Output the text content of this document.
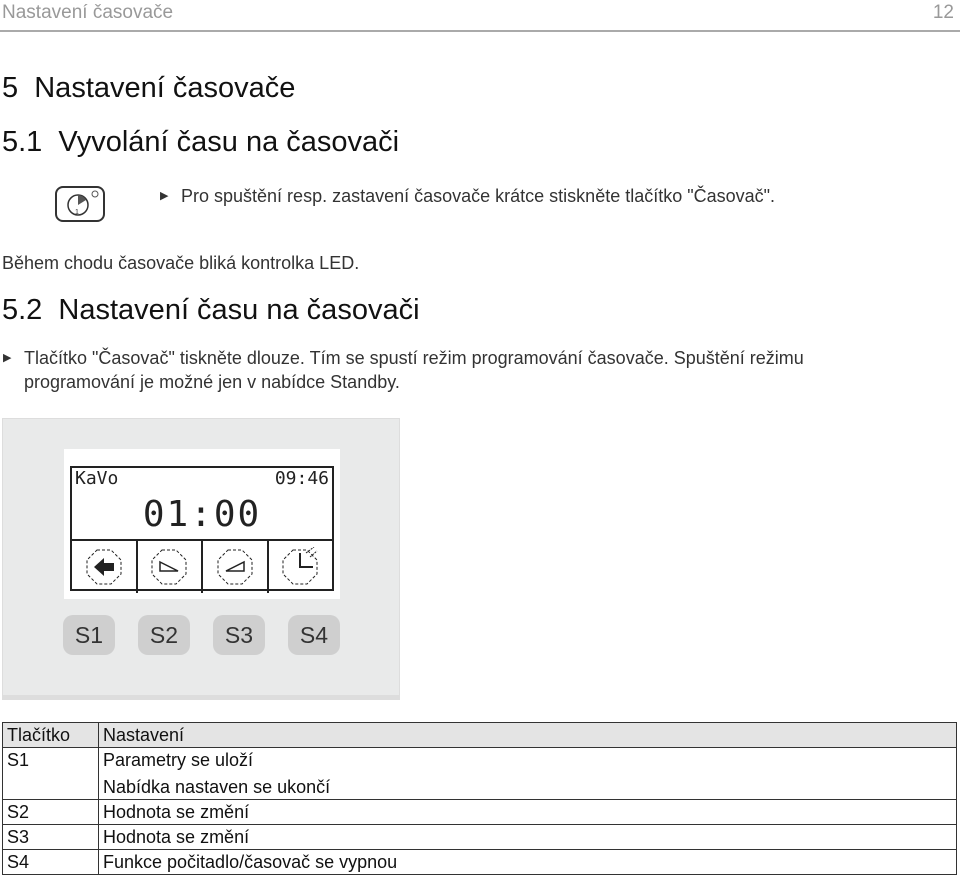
Nastavení časovače	12
5  Nastavení časovače
5.1  Vyvolání času na časovači
1
▶ Pro spuštění resp. zastavení časovače krátce stiskněte tlačítko "Časovač".
Během chodu časovače bliká kontrolka LED.
5.2  Nastavení času na časovači
▶ Tlačítko "Časovač" tiskněte dlouze. Tím se spustí režim programování časovače. Spuštění režimu
programování je možné jen v nabídce Standby.
KaVo	09:46
01:00
S1	S2	S3	S4
Tlačítko	Nastavení
S1	Parametry se uloží
Nabídka nastaven se ukončí

S2	Hodnota se změní
S3	Hodnota se změní
S4	Funkce počitadlo/časovač se vypnou
